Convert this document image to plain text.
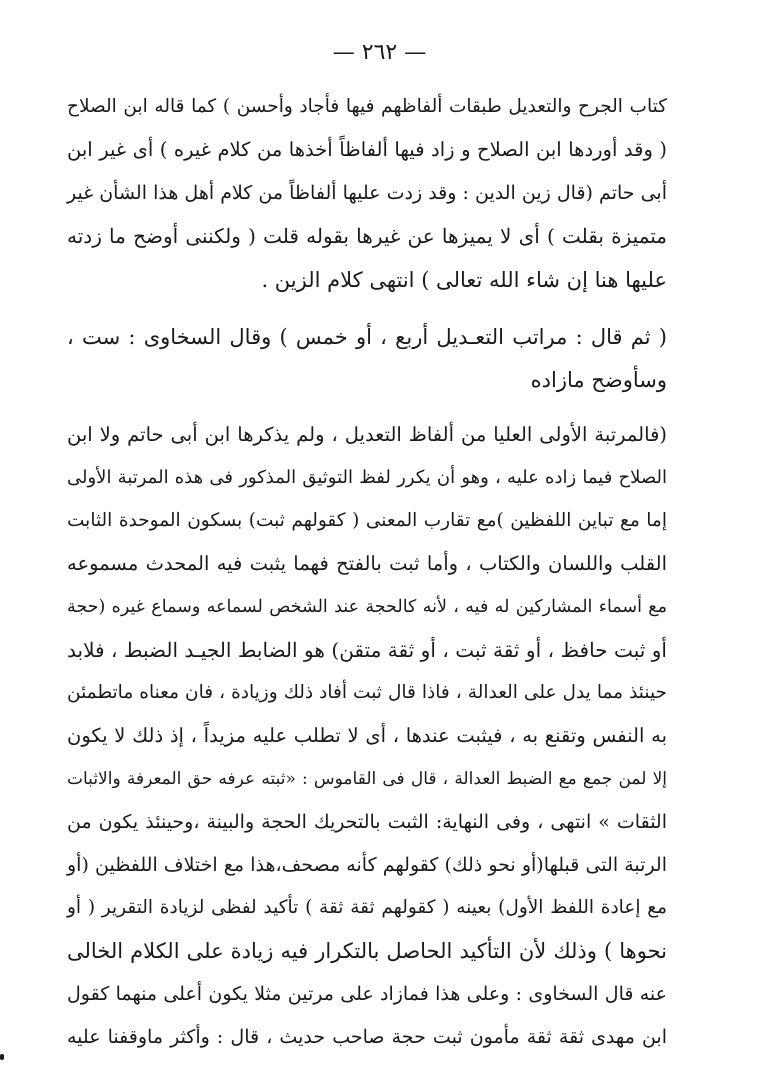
— ٢٦٢ —
كتاب الجرح والتعديل طبقات ألفاظهم فيها فأجاد وأحسن ) كما قاله ابن الصلاح
( وقد أوردها ابن الصلاح و زاد فيها ألفاظاً أخذها من كلام غيره ) أى غير ابن
أبى حاتم (قال زين الدين : وقد زدت عليها ألفاظاً من كلام أهل هذا الشأن غير
متميزة بقلت ) أى لا يميزها عن غيرها بقوله قلت ( ولكننى أوضح ما زدته
عليها هنا إن شاء الله تعالى ) انتهى كلام الزين .
( ثم قال : مراتب التعـديل أربع ، أو خمس ) وقال السخاوى : ست ،
وسأوضح مازاده
(فالمرتبة الأولى العليا من ألفاظ التعديل ، ولم يذكرها ابن أبى حاتم ولا ابن
الصلاح فيما زاده عليه ، وهو أن يكرر لفظ التوثيق المذكور فى هذه المرتبة الأولى
إما مع تباين اللفظين )مع تقارب المعنى ( كقولهم ثبت) بسكون الموحدة الثابت
القلب واللسان والكتاب ، وأما ثبت بالفتح فهما يثبت فيه المحدث مسموعه
مع أسماء المشاركين له فيه ، لأنه كالحجة عند الشخص لسماعه وسماع غيره (حجة
أو ثبت حافظ ، أو ثقة ثبت ، أو ثقة متقن) هو الضابط الجيـد الضبط ، فلابد
حينئذ مما يدل على العدالة ، فاذا قال ثبت أفاد ذلك وزيادة ، فان معناه ماتطمئن
به النفس وتقنع به ، فيثبت عندها ، أى لا تطلب عليه مزيداً ، إذ ذلك لا يكون
إلا لمن جمع مع الضبط العدالة ، قال فى القاموس : «ثبته عرفه حق المعرفة والاثبات
الثقات » انتهى ، وفى النهاية: الثبت بالتحريك الحجة والبينة ،وحينئذ يكون من
الرتبة التى قبلها(أو نحو ذلك) كقولهم كأنه مصحف،هذا مع اختلاف اللفظين (أو
مع إعادة اللفظ الأول) بعينه ( كقولهم ثقة ثقة ) تأكيد لفظى لزيادة التقرير ( أو
نحوها ) وذلك لأن التأكيد الحاصل بالتكرار فيه زيادة على الكلام الخالى
عنه قال السخاوى : وعلى هذا فمازاد على مرتين مثلا يكون أعلى منهما كقول
ابن مهدى ثقة ثقة مأمون ثبت حجة صاحب حديث ، قال : وأكثر ماوقفنا عليه
